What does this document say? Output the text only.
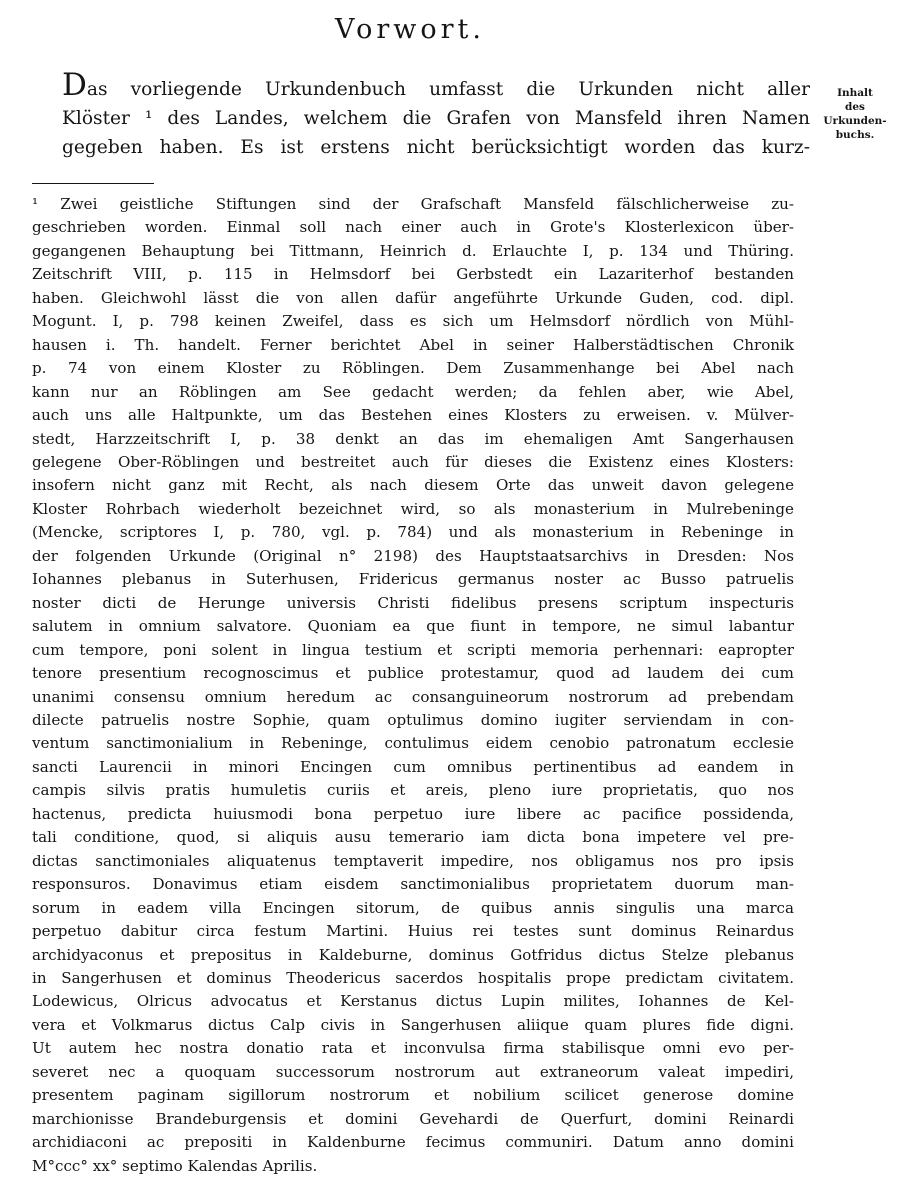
Vorwort.

Das vorliegende Urkundenbuch umfasst die Urkunden nicht aller
Klöster ¹ des Landes, welchem die Grafen von Mansfeld ihren Namen
gegeben haben. Es ist erstens nicht berücksichtigt worden das kurz-

Inhalt
des
Urkunden-
buchs.
¹ Zwei geistliche Stiftungen sind der Grafschaft Mansfeld fälschlicherweise zu-
geschrieben worden. Einmal soll nach einer auch in Grote's Klosterlexicon über-
gegangenen Behauptung bei Tittmann, Heinrich d. Erlauchte I, p. 134 und Thüring.
Zeitschrift VIII, p. 115 in Helmsdorf bei Gerbstedt ein Lazariterhof bestanden
haben. Gleichwohl lässt die von allen dafür angeführte Urkunde Guden, cod. dipl.
Mogunt. I, p. 798 keinen Zweifel, dass es sich um Helmsdorf nördlich von Mühl-
hausen i. Th. handelt. Ferner berichtet Abel in seiner Halberstädtischen Chronik
p. 74 von einem Kloster zu Röblingen. Dem Zusammenhange bei Abel nach
kann nur an Röblingen am See gedacht werden; da fehlen aber, wie Abel,
auch uns alle Haltpunkte, um das Bestehen eines Klosters zu erweisen. v. Mülver-
stedt, Harzzeitschrift I, p. 38 denkt an das im ehemaligen Amt Sangerhausen
gelegene Ober-Röblingen und bestreitet auch für dieses die Existenz eines Klosters:
insofern nicht ganz mit Recht, als nach diesem Orte das unweit davon gelegene
Kloster Rohrbach wiederholt bezeichnet wird, so als monasterium in Mulrebeninge
(Mencke, scriptores I, p. 780, vgl. p. 784) und als monasterium in Rebeninge in
der folgenden Urkunde (Original n° 2198) des Hauptstaatsarchivs in Dresden: Nos
Iohannes plebanus in Suterhusen, Fridericus germanus noster ac Busso patruelis
noster dicti de Herunge universis Christi fidelibus presens scriptum inspecturis
salutem in omnium salvatore. Quoniam ea que fiunt in tempore, ne simul labantur
cum tempore, poni solent in lingua testium et scripti memoria perhennari: eapropter
tenore presentium recognoscimus et publice protestamur, quod ad laudem dei cum
unanimi consensu omnium heredum ac consanguineorum nostrorum ad prebendam
dilecte patruelis nostre Sophie, quam optulimus domino iugiter serviendam in con-
ventum sanctimonialium in Rebeninge, contulimus eidem cenobio patronatum ecclesie
sancti Laurencii in minori Encingen cum omnibus pertinentibus ad eandem in
campis silvis pratis humuletis curiis et areis, pleno iure proprietatis, quo nos
hactenus, predicta huiusmodi bona perpetuo iure libere ac pacifice possidenda,
tali conditione, quod, si aliquis ausu temerario iam dicta bona impetere vel pre-
dictas sanctimoniales aliquatenus temptaverit impedire, nos obligamus nos pro ipsis
responsuros. Donavimus etiam eisdem sanctimonialibus proprietatem duorum man-
sorum in eadem villa Encingen sitorum, de quibus annis singulis una marca
perpetuo dabitur circa festum Martini. Huius rei testes sunt dominus Reinardus
archidyaconus et prepositus in Kaldeburne, dominus Gotfridus dictus Stelze plebanus
in Sangerhusen et dominus Theodericus sacerdos hospitalis prope predictam civitatem.
Lodewicus, Olricus advocatus et Kerstanus dictus Lupin milites, Iohannes de Kel-
vera et Volkmarus dictus Calp civis in Sangerhusen aliique quam plures fide digni.
Ut autem hec nostra donatio rata et inconvulsa firma stabilisque omni evo per-
severet nec a quoquam successorum nostrorum aut extraneorum valeat impediri,
presentem paginam sigillorum nostrorum et nobilium scilicet generose domine
marchionisse Brandeburgensis et domini Gevehardi de Querfurt, domini Reinardi
archidiaconi ac prepositi in Kaldenburne fecimus communiri. Datum anno domini
M°ccc° xx° septimo Kalendas Aprilis.
